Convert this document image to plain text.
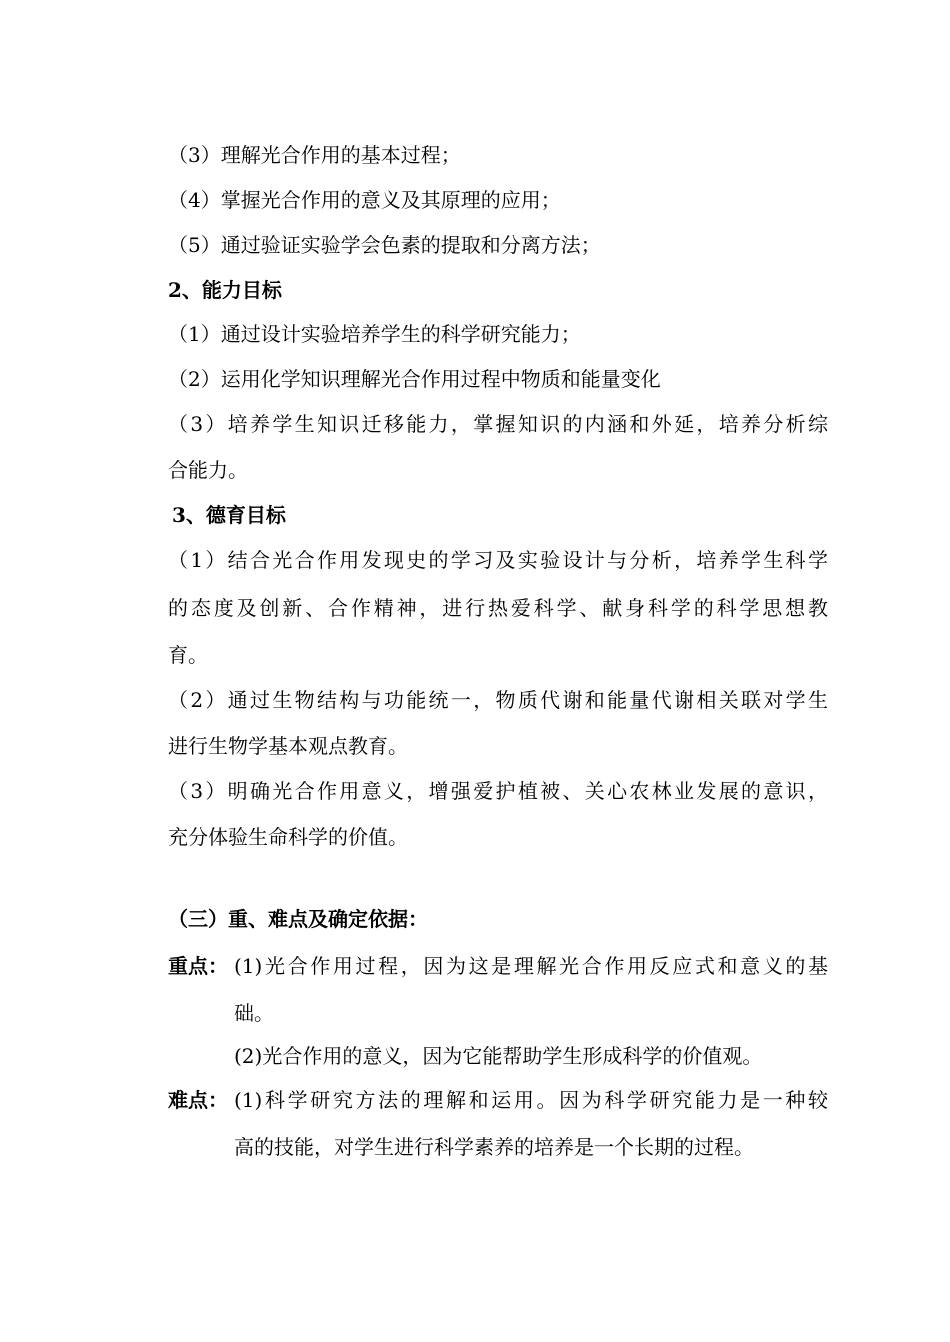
（3）理解光合作用的基本过程；
（4）掌握光合作用的意义及其原理的应用；
（5）通过验证实验学会色素的提取和分离方法；
2、能力目标
（1）通过设计实验培养学生的科学研究能力；
（2）运用化学知识理解光合作用过程中物质和能量变化
（3）培养学生知识迁移能力，掌握知识的内涵和外延，培养分析综
合能力。
3、德育目标
（1）结合光合作用发现史的学习及实验设计与分析，培养学生科学
的态度及创新、合作精神，进行热爱科学、献身科学的科学思想教
育。
（2）通过生物结构与功能统一，物质代谢和能量代谢相关联对学生
进行生物学基本观点教育。
（3）明确光合作用意义，增强爱护植被、关心农林业发展的意识，
充分体验生命科学的价值。
（三）重、难点及确定依据：
重点： (1)光合作用过程，因为这是理解光合作用反应式和意义的基
础。
(2)光合作用的意义，因为它能帮助学生形成科学的价值观。
难点： (1)科学研究方法的理解和运用。因为科学研究能力是一种较
高的技能，对学生进行科学素养的培养是一个长期的过程。
